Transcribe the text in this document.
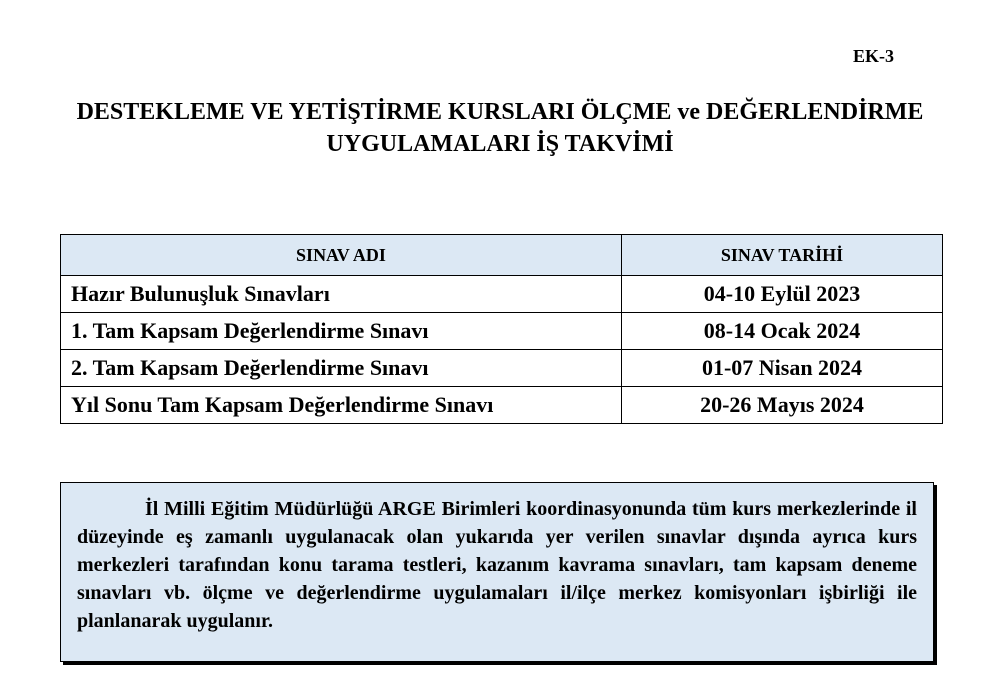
EK-3
DESTEKLEME VE YETİŞTİRME KURSLARI ÖLÇME ve DEĞERLENDİRME
UYGULAMALARI İŞ TAKVİMİ
SINAV ADI	SINAV TARİHİ
Hazır Bulunuşluk Sınavları	04-10 Eylül 2023
1. Tam Kapsam Değerlendirme Sınavı	08-14 Ocak 2024
2. Tam Kapsam Değerlendirme Sınavı	01-07 Nisan 2024
Yıl Sonu Tam Kapsam Değerlendirme Sınavı	20-26 Mayıs 2024

İl Milli Eğitim Müdürlüğü ARGE Birimleri koordinasyonunda tüm kurs merkezlerinde il düzeyinde eş zamanlı uygulanacak olan yukarıda yer verilen sınavlar dışında ayrıca kurs merkezleri tarafından konu tarama testleri, kazanım kavrama sınavları, tam kapsam deneme sınavları vb. ölçme ve değerlendirme uygulamaları il/ilçe merkez komisyonları işbirliği ile planlanarak uygulanır.
